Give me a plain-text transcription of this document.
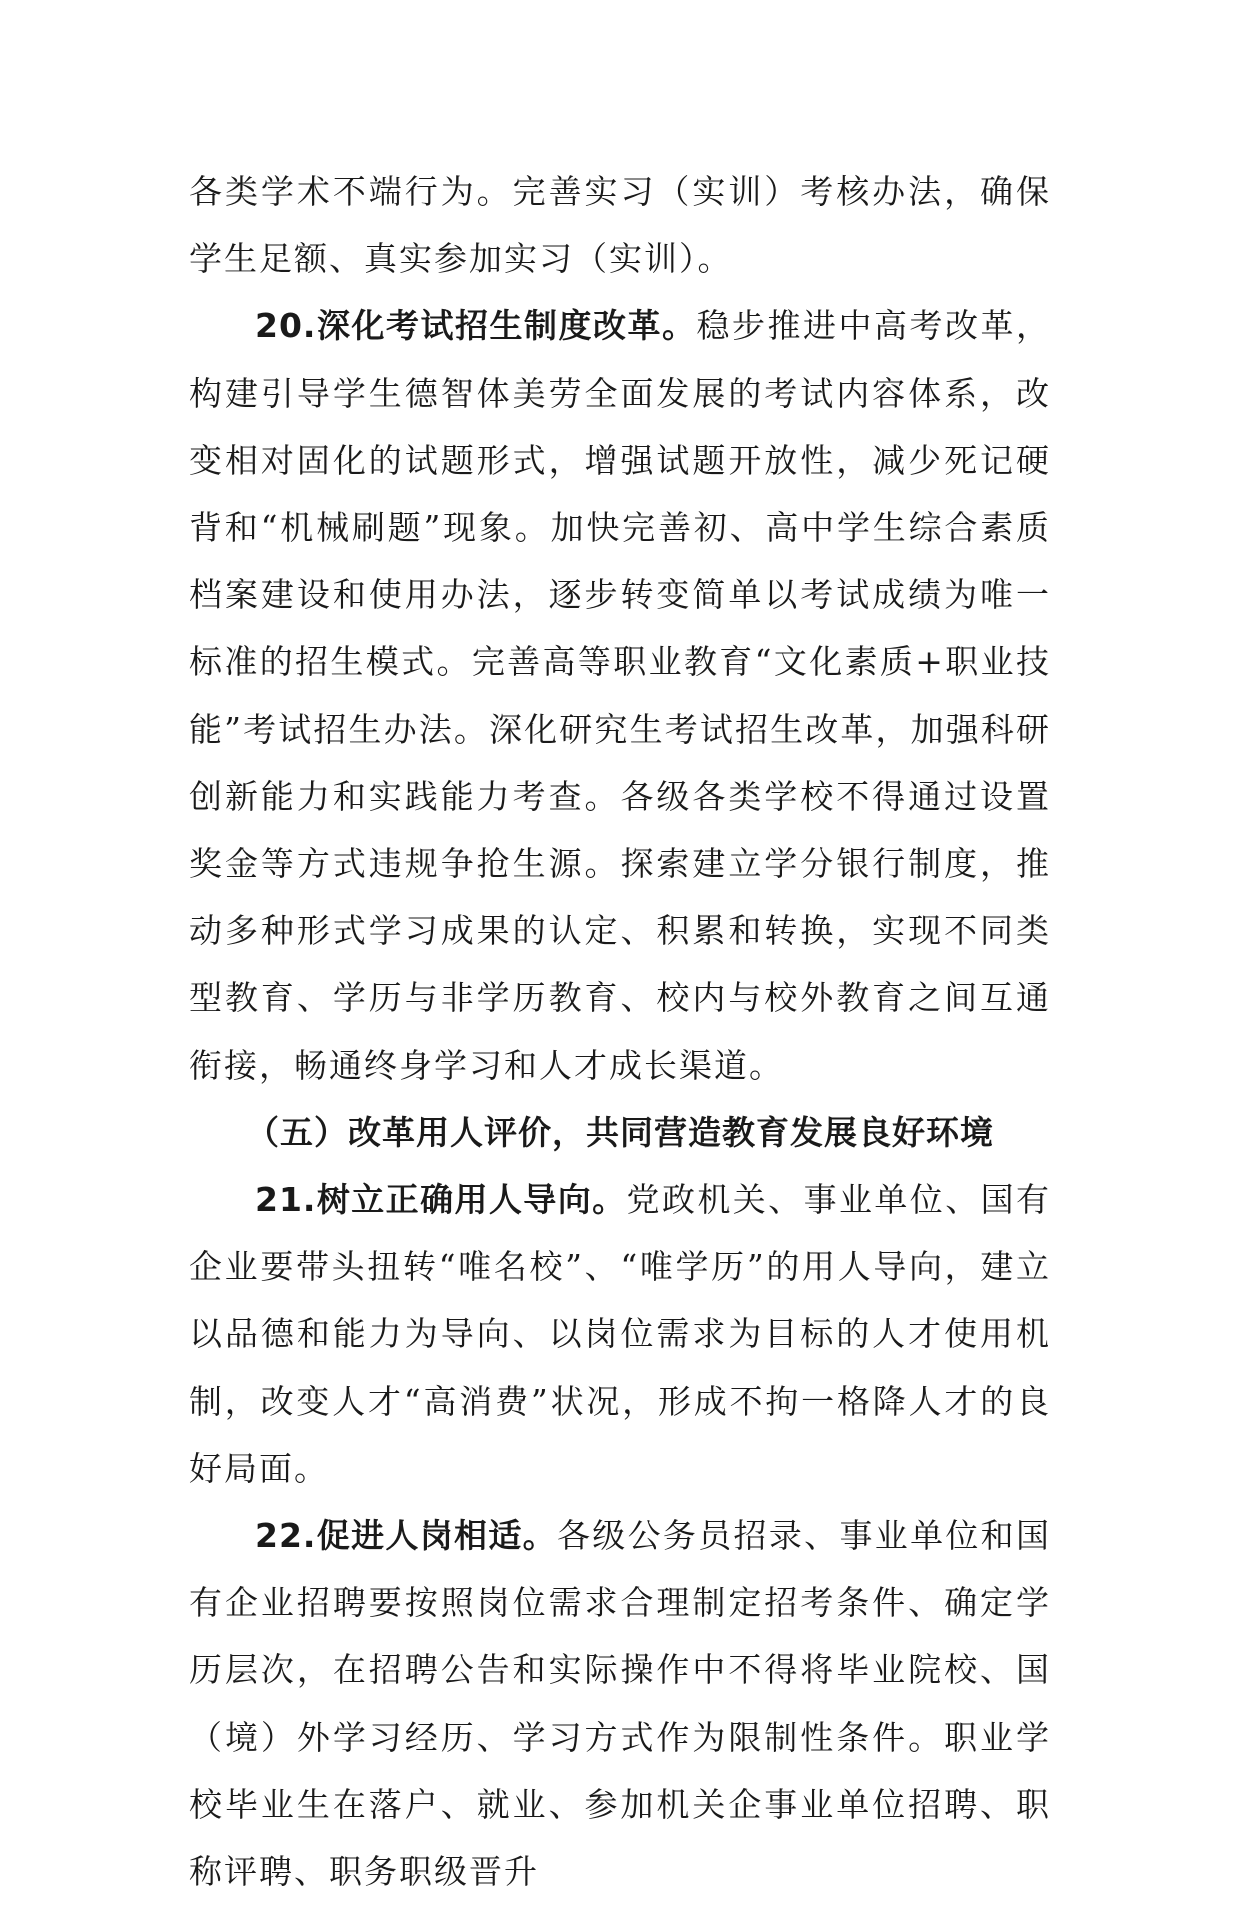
各类学术不端行为。完善实习（实训）考核办法，确保学生足额、真实参加实习（实训）。

20.深化考试招生制度改革。稳步推进中高考改革，构建引导学生德智体美劳全面发展的考试内容体系，改变相对固化的试题形式，增强试题开放性，减少死记硬背和“机械刷题”现象。加快完善初、高中学生综合素质档案建设和使用办法，逐步转变简单以考试成绩为唯一标准的招生模式。完善高等职业教育“文化素质+职业技能”考试招生办法。深化研究生考试招生改革，加强科研创新能力和实践能力考查。各级各类学校不得通过设置奖金等方式违规争抢生源。探索建立学分银行制度，推动多种形式学习成果的认定、积累和转换，实现不同类型教育、学历与非学历教育、校内与校外教育之间互通衔接，畅通终身学习和人才成长渠道。

（五）改革用人评价，共同营造教育发展良好环境

21.树立正确用人导向。党政机关、事业单位、国有企业要带头扭转“唯名校”、“唯学历”的用人导向，建立以品德和能力为导向、以岗位需求为目标的人才使用机制，改变人才“高消费”状况，形成不拘一格降人才的良好局面。

22.促进人岗相适。各级公务员招录、事业单位和国有企业招聘要按照岗位需求合理制定招考条件、确定学历层次，在招聘公告和实际操作中不得将毕业院校、国（境）外学习经历、学习方式作为限制性条件。职业学校毕业生在落户、就业、参加机关企事业单位招聘、职称评聘、职务职级晋升
